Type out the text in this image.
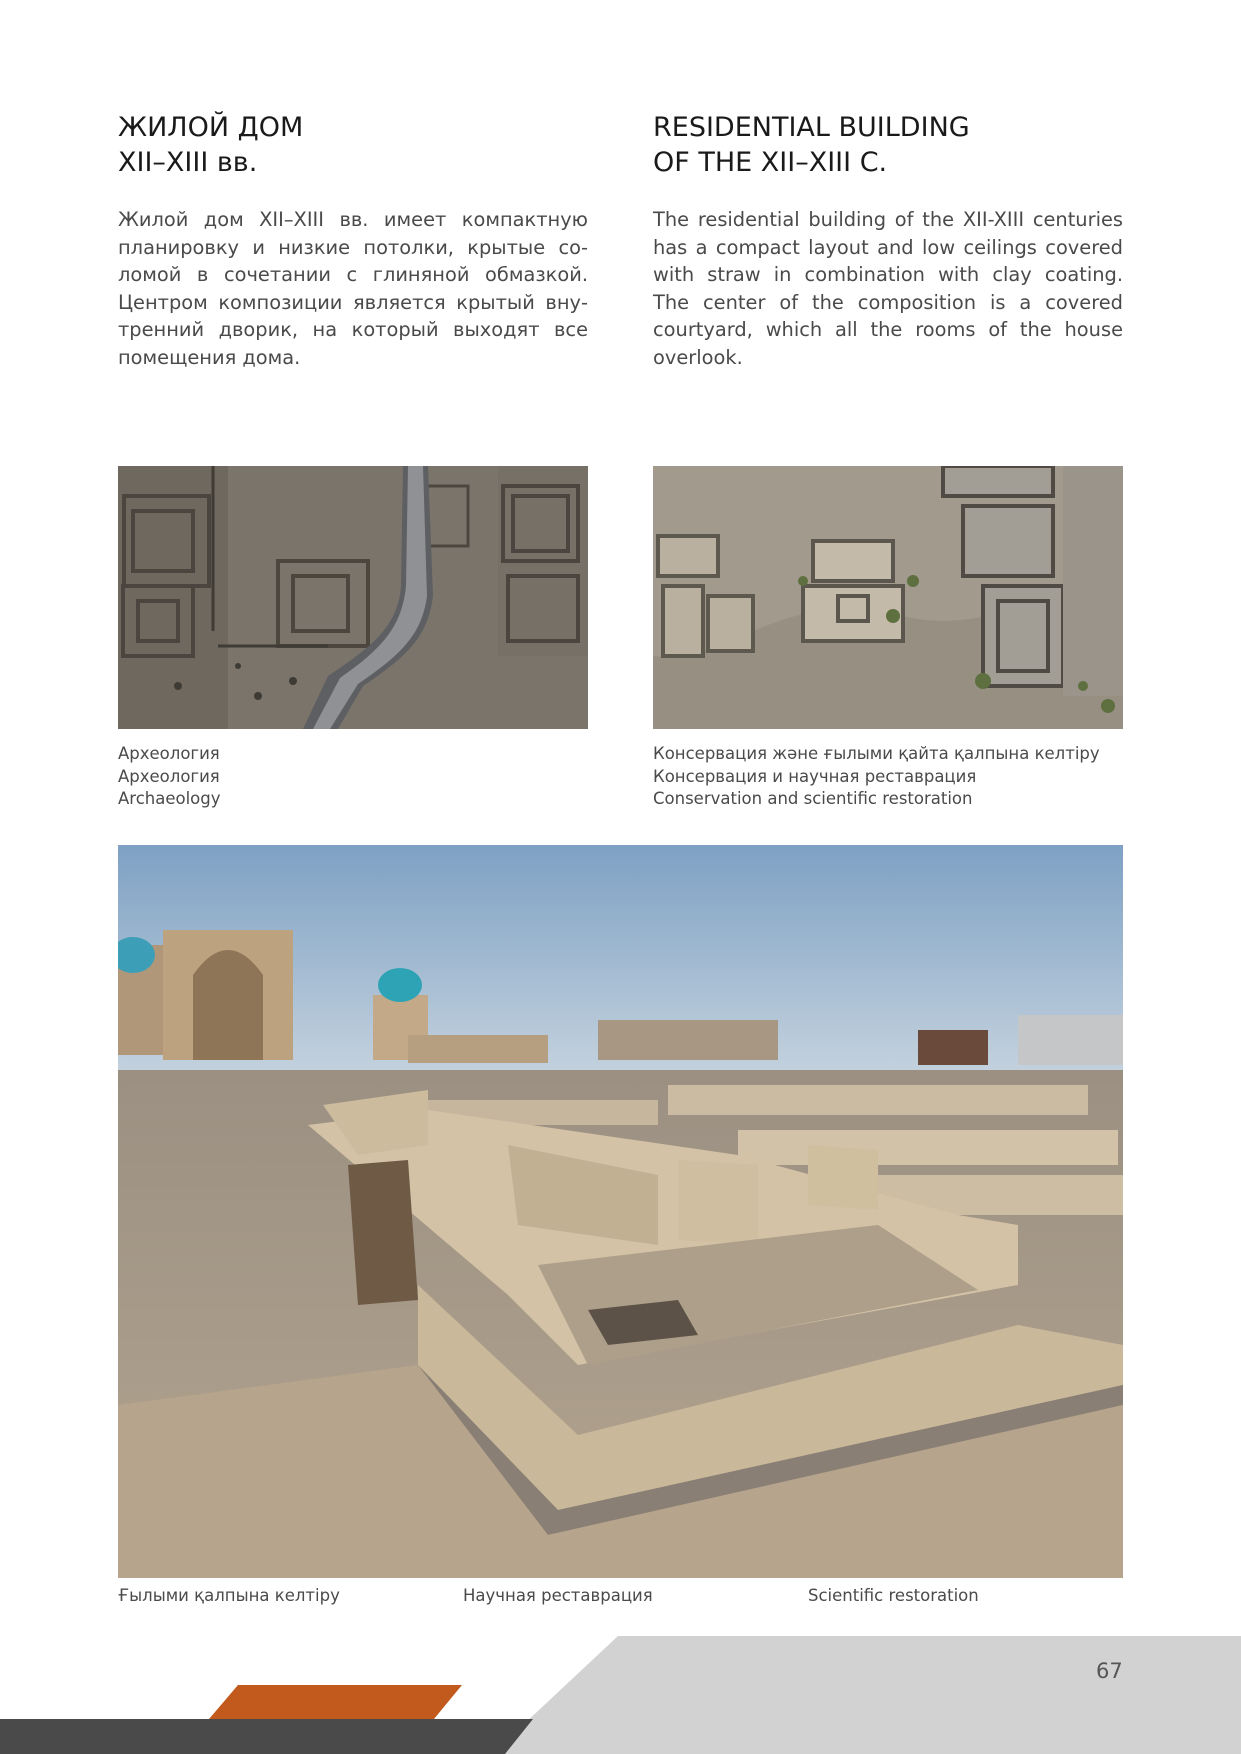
ЖИЛОЙ ДОМ
XII–XIII вв.
RESIDENTIAL BUILDING
OF THE XII–XIII C.

Жилой дом XII–XIII вв. имеет компактную планировку и низкие потолки, крытые соломой в сочетании с глиняной обмазкой. Центром композиции является крытый внутренний дворик, на который выходят все помещения дома.

The residential building of the XII-XIII centuries has a compact layout and low ceilings covered with straw in combination with clay coating. The center of the composition is a covered courtyard, which all the rooms of the house overlook.

Археология
Археология
Archaeology
Консервация және ғылыми қайта қалпына келтіру
Консервация и научная реставрация
Conservation and scientific restoration
Ғылыми қалпына келтіру	Научная реставрация	Scientific restoration
67
